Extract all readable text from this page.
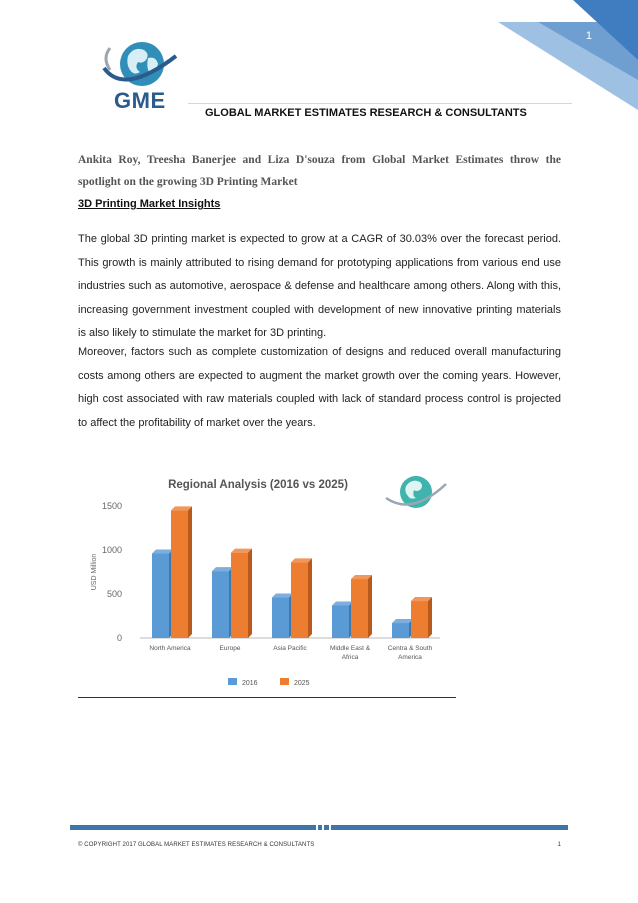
1
GME	GLOBAL MARKET ESTIMATES RESEARCH & CONSULTANTS
Ankita Roy, Treesha Banerjee and Liza D'souza from Global Market Estimates throw the spotlight on the growing 3D Printing Market
3D Printing Market Insights

The global 3D printing market is expected to grow at a CAGR of 30.03% over the forecast period. This growth is mainly attributed to rising demand for prototyping applications from various end use industries such as automotive, aerospace & defense and healthcare among others. Along with this, increasing government investment coupled with development of new innovative printing materials is also likely to stimulate the market for 3D printing.

Moreover, factors such as complete customization of designs and reduced overall manufacturing costs among others are expected to augment the market growth over the coming years. However, high cost associated with raw materials coupled with lack of standard process control is projected to affect the profitability of market over the years.

Regional Analysis (2016 vs 2025)
0
500
1000
1500
USD Million
North America	Europe	Asia Pacific	Middle East &
Africa
Centra & South
America
2016	2025
© COPYRIGHT 2017 GLOBAL MARKET ESTIMATES RESEARCH & CONSULTANTS	1
